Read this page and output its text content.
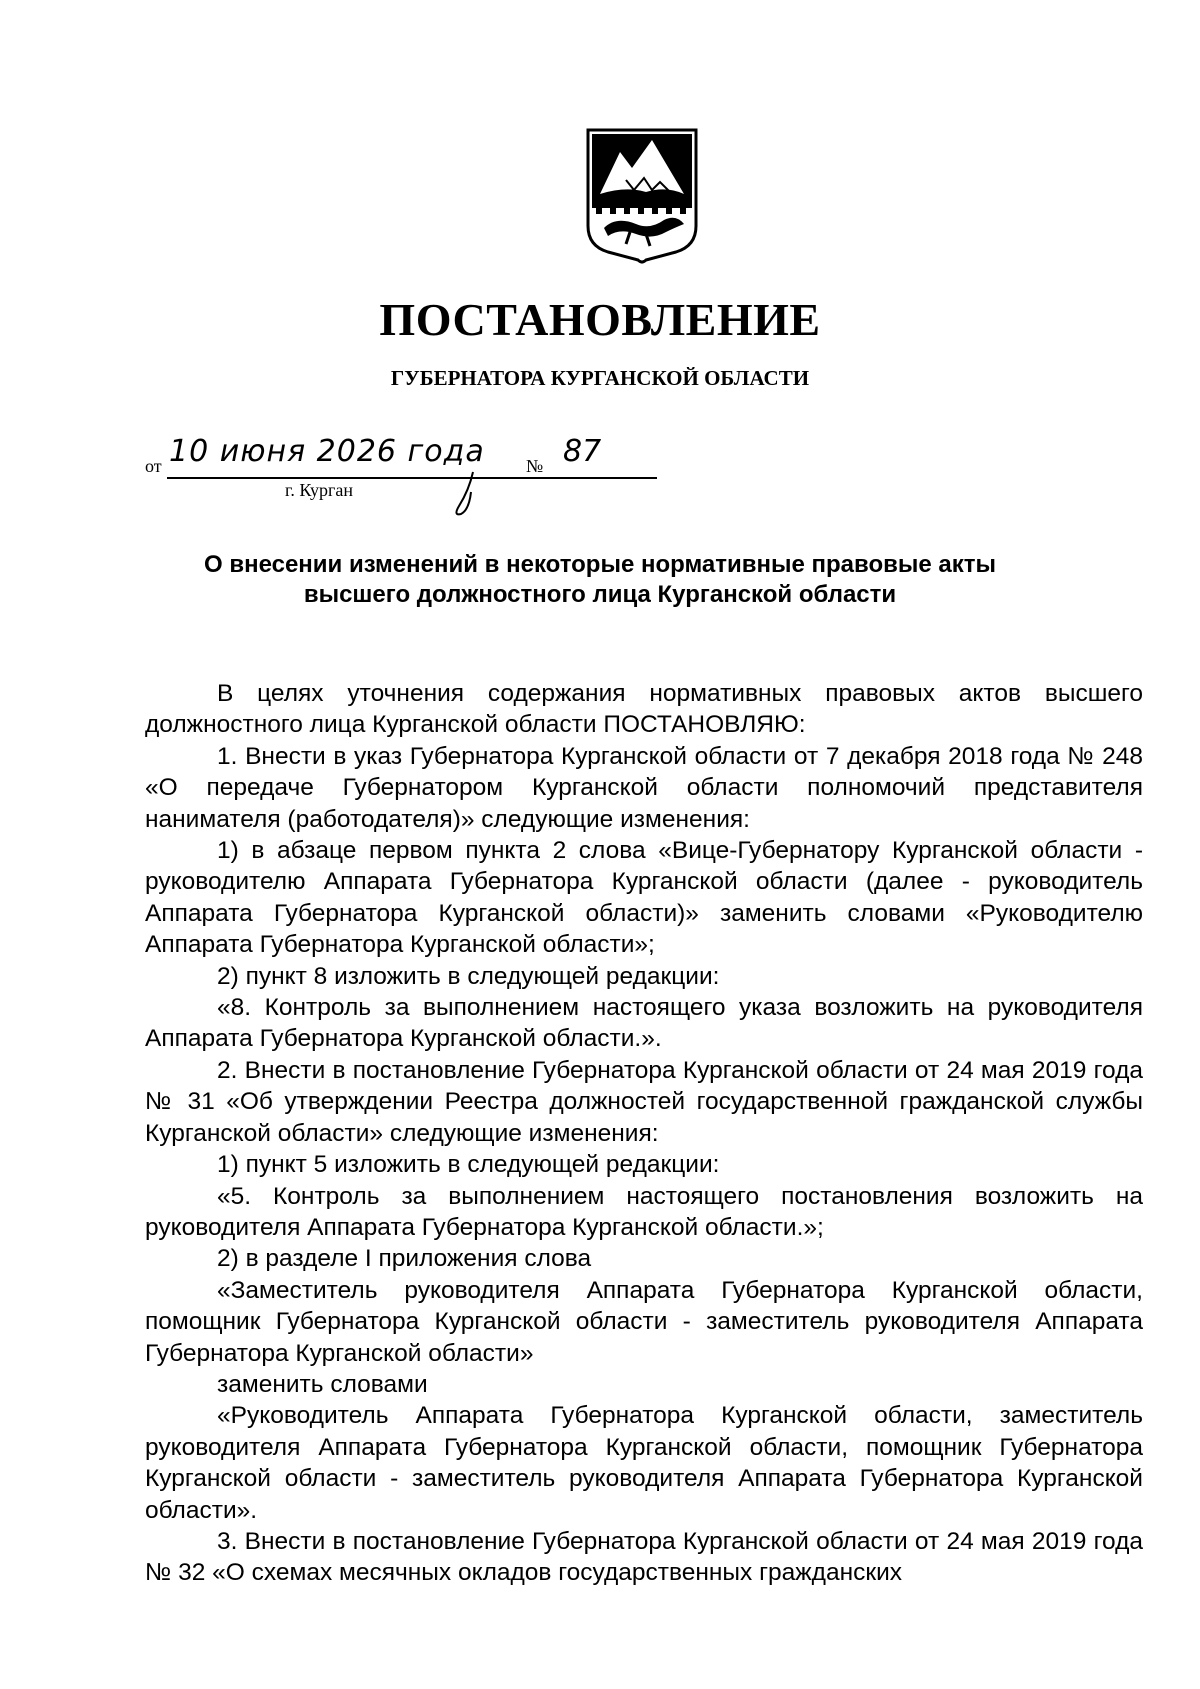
ПОСТАНОВЛЕНИЕ
ГУБЕРНАТОРА КУРГАНСКОЙ ОБЛАСТИ
от 10 июня 2026 года № 87
г. Курган

О внесении изменений в некоторые нормативные правовые акты

высшего должностного лица Курганской области

В целях уточнения содержания нормативных правовых актов высшего должностного лица Курганской области ПОСТАНОВЛЯЮ:

1. Внести в указ Губернатора Курганской области от 7 декабря 2018 года № 248 «О передаче Губернатором Курганской области полномочий представителя нанимателя (работодателя)» следующие изменения:

1) в абзаце первом пункта 2 слова «Вице-Губернатору Курганской области - руководителю Аппарата Губернатора Курганской области (далее - руководитель Аппарата Губернатора Курганской области)» заменить словами «Руководителю Аппарата Губернатора Курганской области»;

2) пункт 8 изложить в следующей редакции:

«8. Контроль за выполнением настоящего указа возложить на руководителя Аппарата Губернатора Курганской области.».

2. Внести в постановление Губернатора Курганской области от 24 мая 2019 года № 31 «Об утверждении Реестра должностей государственной гражданской службы Курганской области» следующие изменения:

1) пункт 5 изложить в следующей редакции:

«5. Контроль за выполнением настоящего постановления возложить на руководителя Аппарата Губернатора Курганской области.»;

2) в разделе I приложения слова

«Заместитель руководителя Аппарата Губернатора Курганской области, помощник Губернатора Курганской области - заместитель руководителя Аппарата Губернатора Курганской области»

заменить словами

«Руководитель Аппарата Губернатора Курганской области, заместитель руководителя Аппарата Губернатора Курганской области, помощник Губернатора Курганской области - заместитель руководителя Аппарата Губернатора Курганской области».

3. Внести в постановление Губернатора Курганской области от 24 мая 2019 года № 32 «О схемах месячных окладов государственных гражданских
